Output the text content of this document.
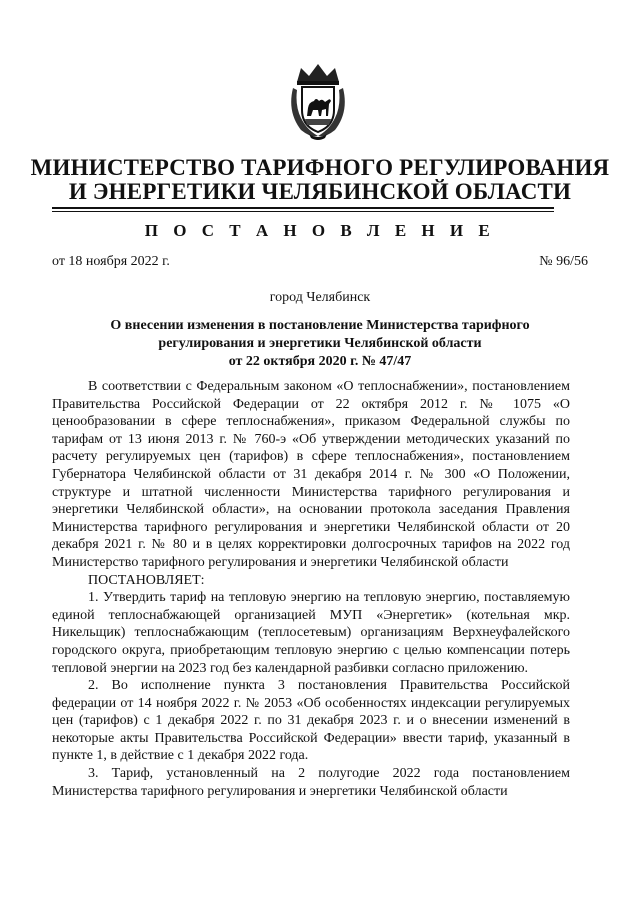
МИНИСТЕРСТВО ТАРИФНОГО РЕГУЛИРОВАНИЯ
И ЭНЕРГЕТИКИ ЧЕЛЯБИНСКОЙ ОБЛАСТИ
П О С Т А Н О В Л Е Н И Е
от 18 ноября 2022 г.	№ 96/56
город Челябинск
О внесении изменения в постановление Министерства тарифного
регулирования и энергетики Челябинской области
от 22 октября 2020 г. № 47/47

В соответствии с Федеральным законом «О теплоснабжении», постановлением Правительства Российской Федерации от 22 октября 2012 г. № 1075 «О ценообразовании в сфере теплоснабжения», приказом Федеральной службы по тарифам от 13 июня 2013 г. № 760-э «Об утверждении методических указаний по расчету регулируемых цен (тарифов) в сфере теплоснабжения», постановлением Губернатора Челябинской области от 31 декабря 2014 г. № 300 «О Положении, структуре и штатной численности Министерства тарифного регулирования и энергетики Челябинской области», на основании протокола заседания Правления Министерства тарифного регулирования и энергетики Челябинской области от 20 декабря 2021 г. № 80 и в целях корректировки долгосрочных тарифов на 2022 год Министерство тарифного регулирования и энергетики Челябинской области

ПОСТАНОВЛЯЕТ:

1. Утвердить тариф на тепловую энергию на тепловую энергию, поставляемую единой теплоснабжающей организацией МУП «Энергетик» (котельная мкр. Никельщик) теплоснабжающим (теплосетевым) организациям Верхнеуфалейского городского округа, приобретающим тепловую энергию с целью компенсации потерь тепловой энергии на 2023 год без календарной разбивки согласно приложению.

2. Во исполнение пункта 3 постановления Правительства Российской федерации от 14 ноября 2022 г. № 2053 «Об особенностях индексации регулируемых цен (тарифов) с 1 декабря 2022 г. по 31 декабря 2023 г. и о внесении изменений в некоторые акты Правительства Российской Федерации» ввести тариф, указанный в пункте 1, в действие с 1 декабря 2022 года.

3. Тариф, установленный на 2 полугодие 2022 года постановлением Министерства тарифного регулирования и энергетики Челябинской области
